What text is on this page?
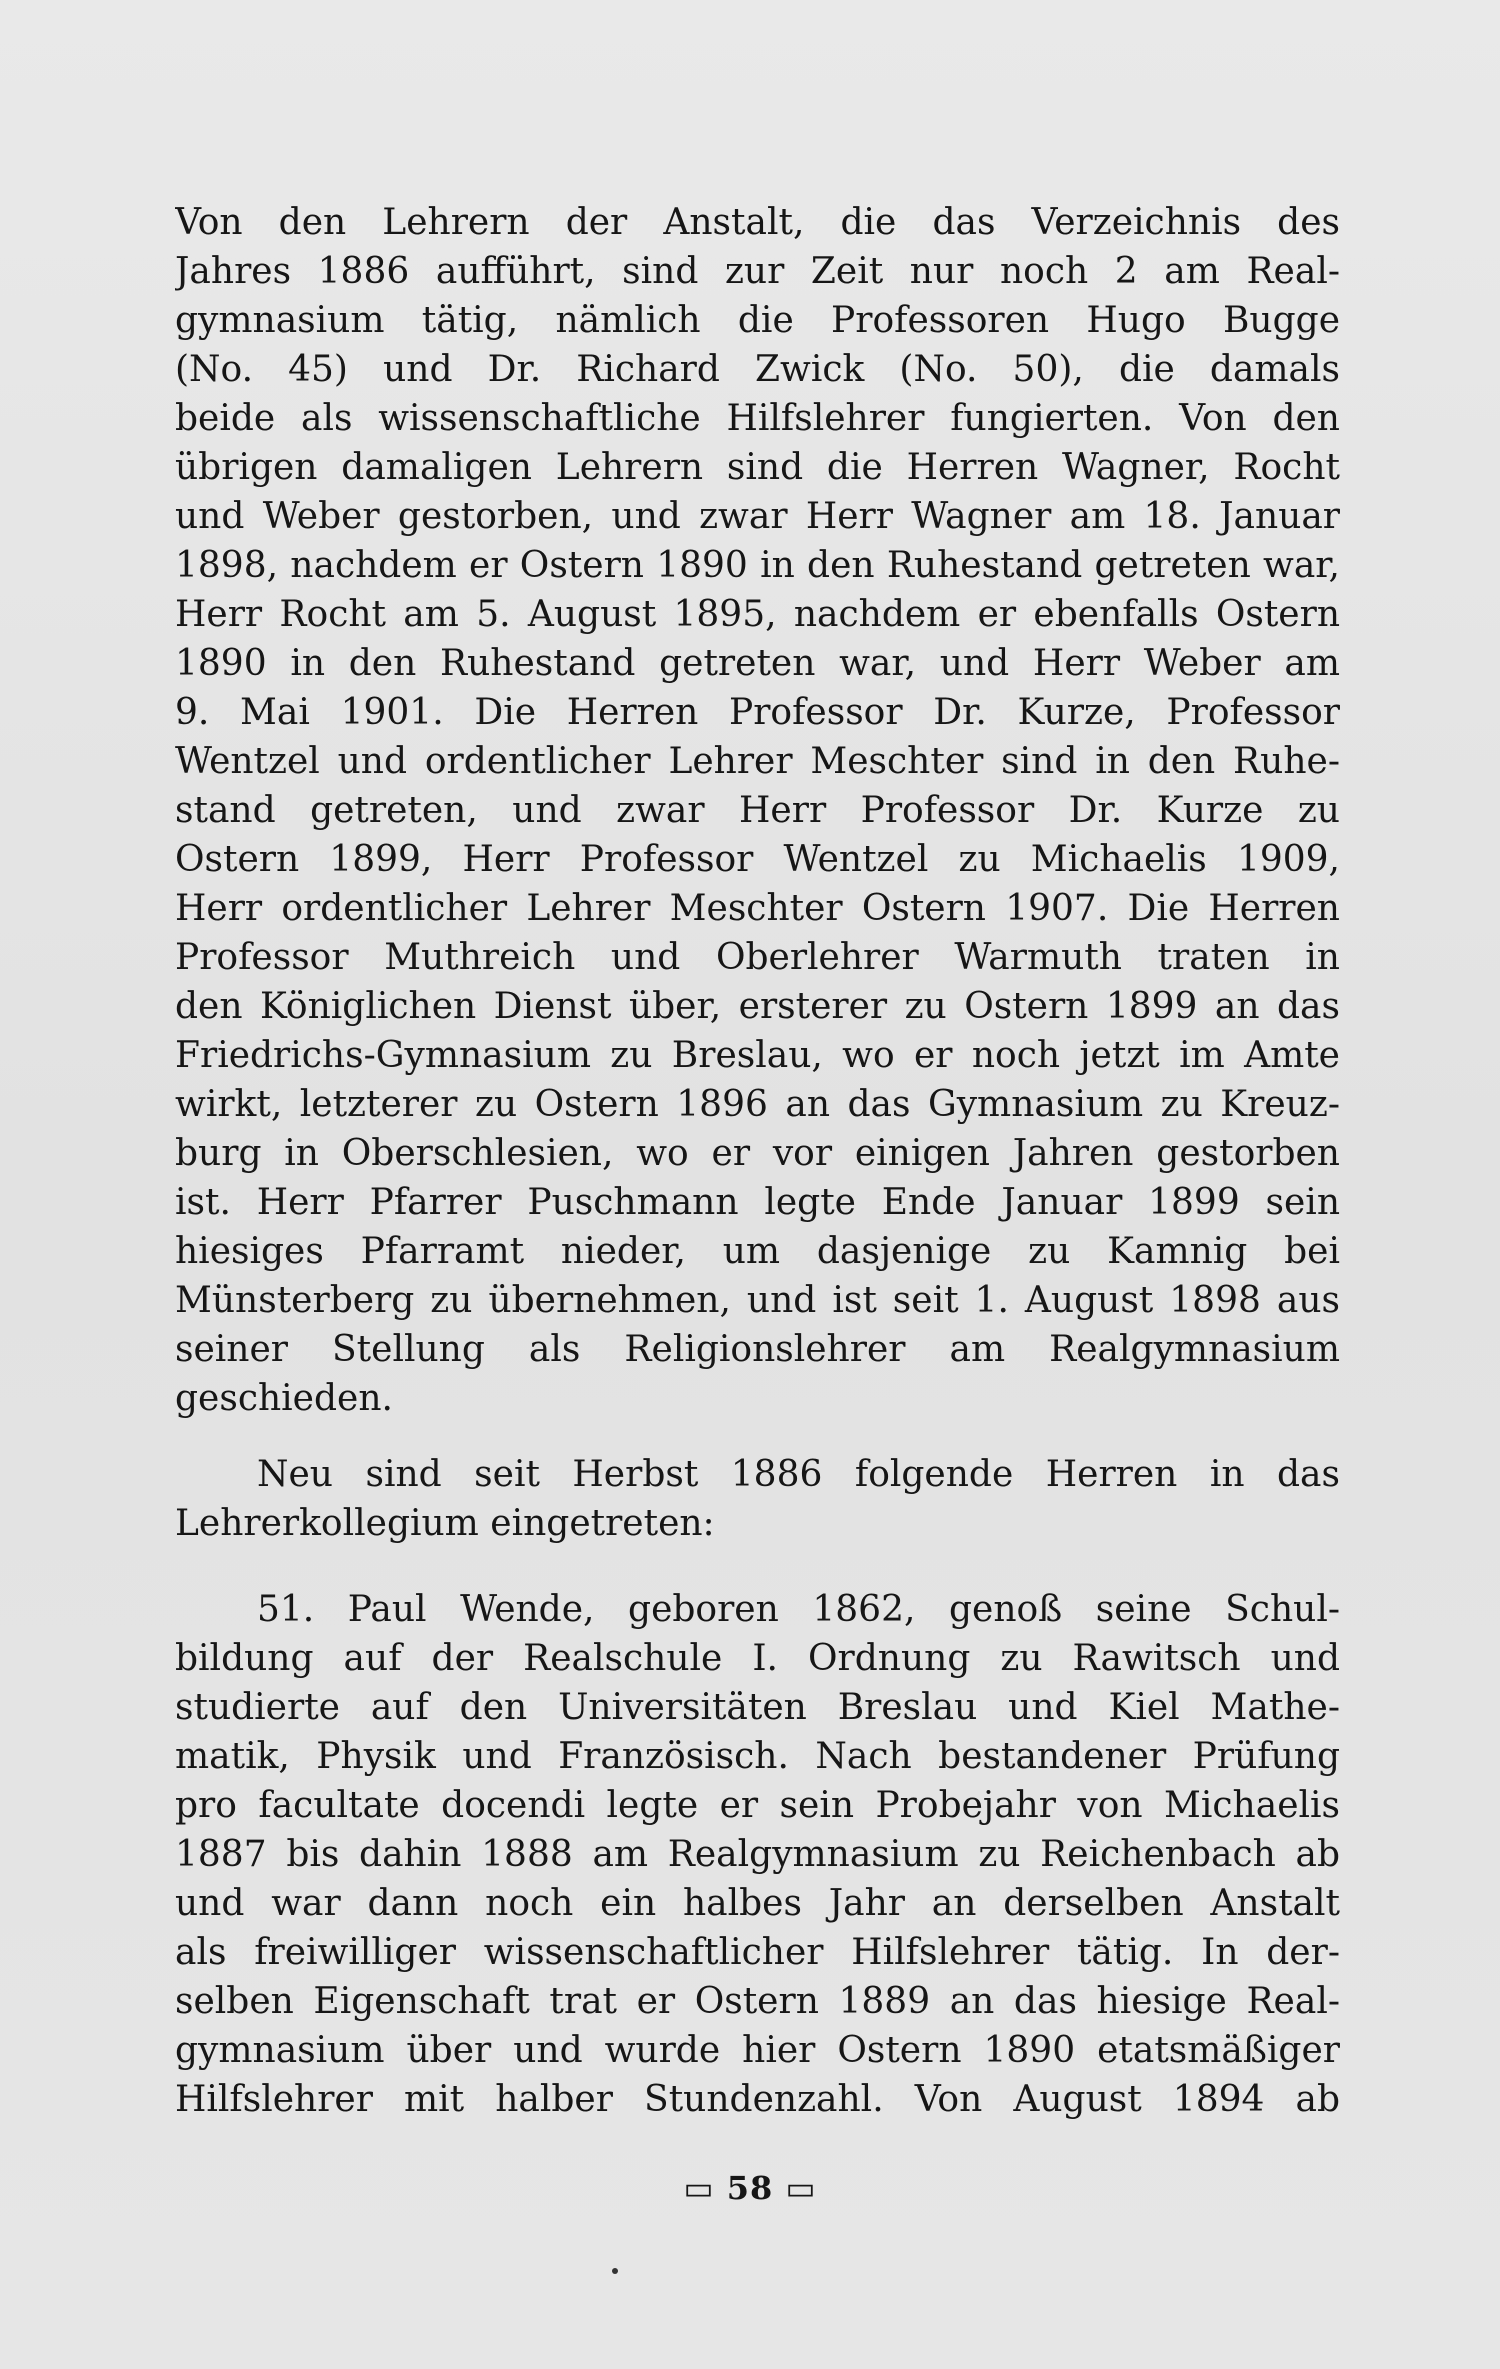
Von den Lehrern der Anstalt, die das Verzeichnis des
Jahres 1886 aufführt, sind zur Zeit nur noch 2 am Real-
gymnasium tätig, nämlich die Professoren Hugo Bugge
(No. 45) und Dr. Richard Zwick (No. 50), die damals
beide als wissenschaftliche Hilfslehrer fungierten. Von den
übrigen damaligen Lehrern sind die Herren Wagner, Rocht
und Weber gestorben, und zwar Herr Wagner am 18. Januar
1898, nachdem er Ostern 1890 in den Ruhestand getreten war,
Herr Rocht am 5. August 1895, nachdem er ebenfalls Ostern
1890 in den Ruhestand getreten war, und Herr Weber am
9. Mai 1901. Die Herren Professor Dr. Kurze, Professor
Wentzel und ordentlicher Lehrer Meschter sind in den Ruhe-
stand getreten, und zwar Herr Professor Dr. Kurze zu
Ostern 1899, Herr Professor Wentzel zu Michaelis 1909,
Herr ordentlicher Lehrer Meschter Ostern 1907. Die Herren
Professor Muthreich und Oberlehrer Warmuth traten in
den Königlichen Dienst über, ersterer zu Ostern 1899 an das
Friedrichs-Gymnasium zu Breslau, wo er noch jetzt im Amte
wirkt, letzterer zu Ostern 1896 an das Gymnasium zu Kreuz-
burg in Oberschlesien, wo er vor einigen Jahren gestorben
ist. Herr Pfarrer Puschmann legte Ende Januar 1899 sein
hiesiges Pfarramt nieder, um dasjenige zu Kamnig bei
Münsterberg zu übernehmen, und ist seit 1. August 1898 aus
seiner Stellung als Religionslehrer am Realgymnasium
geschieden.
Neu sind seit Herbst 1886 folgende Herren in das
Lehrerkollegium eingetreten:
51. Paul Wende, geboren 1862, genoß seine Schul-
bildung auf der Realschule I. Ordnung zu Rawitsch und
studierte auf den Universitäten Breslau und Kiel Mathe-
matik, Physik und Französisch. Nach bestandener Prüfung
pro facultate docendi legte er sein Probejahr von Michaelis
1887 bis dahin 1888 am Realgymnasium zu Reichenbach ab
und war dann noch ein halbes Jahr an derselben Anstalt
als freiwilliger wissenschaftlicher Hilfslehrer tätig. In der-
selben Eigenschaft trat er Ostern 1889 an das hiesige Real-
gymnasium über und wurde hier Ostern 1890 etatsmäßiger
Hilfslehrer mit halber Stundenzahl. Von August 1894 ab
▭ 58 ▭
